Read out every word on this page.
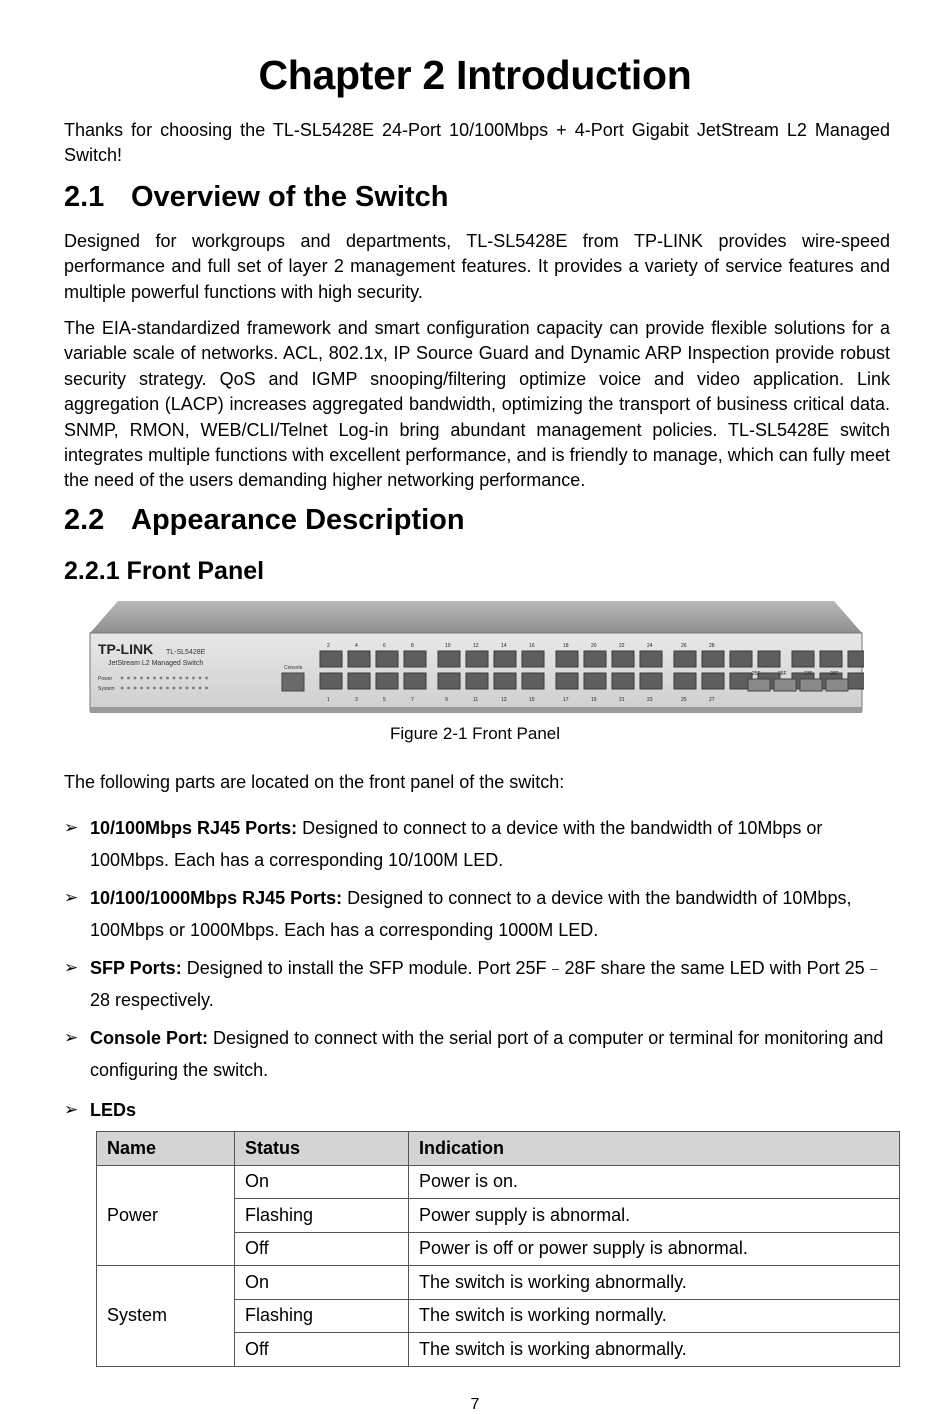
Chapter 2 Introduction

Thanks for choosing the TL-SL5428E 24-Port 10/100Mbps + 4-Port Gigabit JetStream L2 Managed Switch!

2.1 Overview of the Switch

Designed for workgroups and departments, TL-SL5428E from TP-LINK provides wire-speed performance and full set of layer 2 management features. It provides a variety of service features and multiple powerful functions with high security.

The EIA-standardized framework and smart configuration capacity can provide flexible solutions for a variable scale of networks. ACL, 802.1x, IP Source Guard and Dynamic ARP Inspection provide robust security strategy. QoS and IGMP snooping/filtering optimize voice and video application. Link aggregation (LACP) increases aggregated bandwidth, optimizing the transport of business critical data. SNMP, RMON, WEB/CLI/Telnet Log-in bring abundant management policies. TL-SL5428E switch integrates multiple functions with excellent performance, and is friendly to manage, which can fully meet the need of the users demanding higher networking performance.

2.2 Appearance Description
2.2.1 Front Panel
TP-LINK TL-SL5428E
JetStream L2 Managed Switch
Power
System
Console
2
1
4
3
6
5
8
7
10
9
12
11
14
13
16
15
18
17
20
19
22
21
24
23
26
25
28
27
25F	26F	27F	28F
Figure 2-1 Front Panel

The following parts are located on the front panel of the switch:

➢ 10/100Mbps RJ45 Ports: Designed to connect to a device with the bandwidth of 10Mbps or 100Mbps. Each has a corresponding 10/100M LED.
➢ 10/100/1000Mbps RJ45 Ports: Designed to connect to a device with the bandwidth of 10Mbps, 100Mbps or 1000Mbps. Each has a corresponding 1000M LED.
➢ SFP Ports: Designed to install the SFP module. Port 25F﹣28F share the same LED with Port 25﹣28 respectively.
➢ Console Port: Designed to connect with the serial port of a computer or terminal for monitoring and configuring the switch.
➢ LEDs
Name	Status	Indication
Power	On	Power is on.
	Flashing	Power supply is abnormal.
	Off	Power is off or power supply is abnormal.
System	On	The switch is working abnormally.
	Flashing	The switch is working normally.
	Off	The switch is working abnormally.
7
